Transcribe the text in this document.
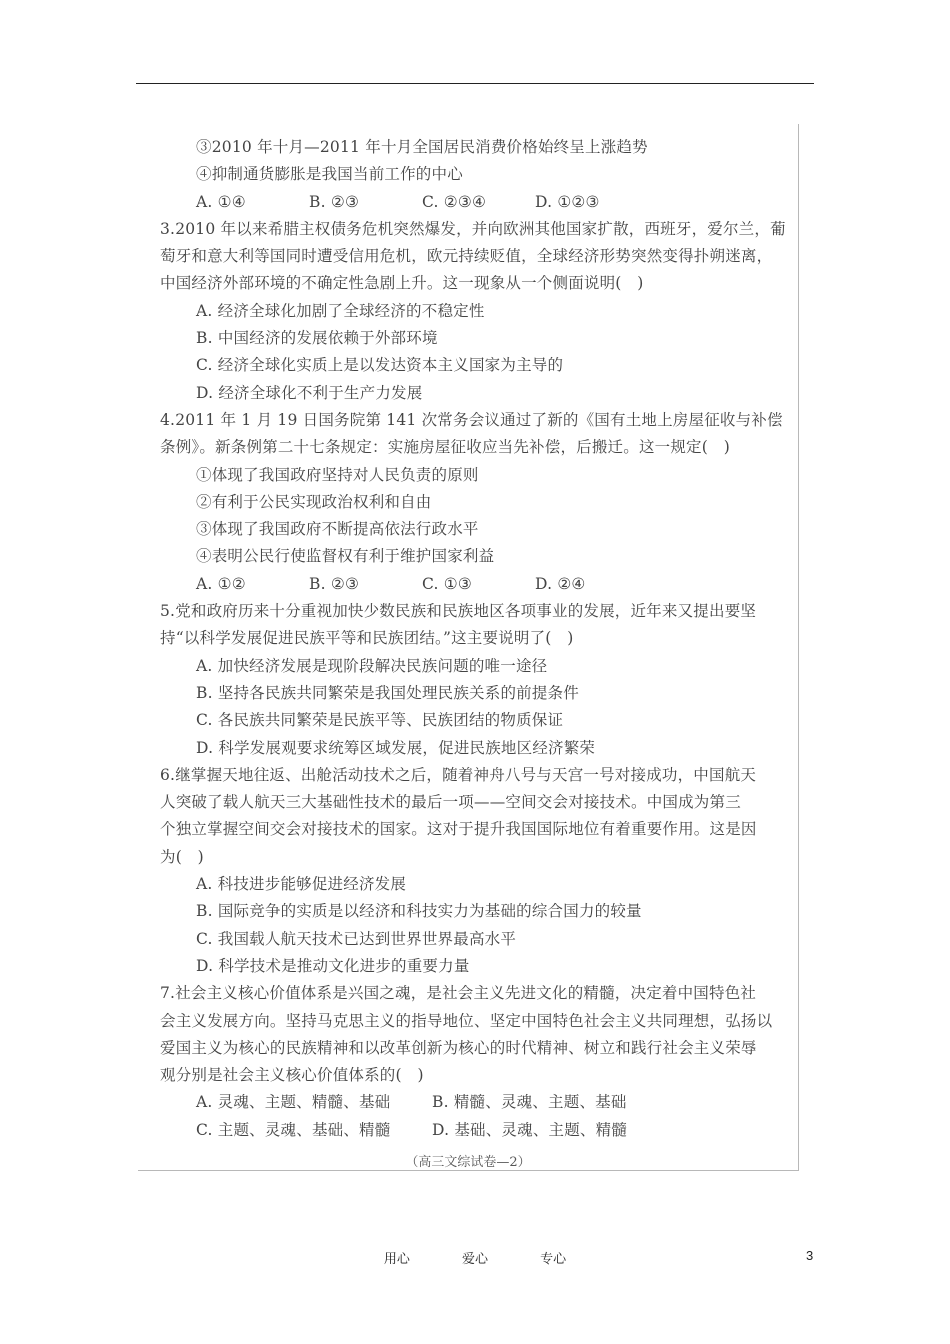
③2010 年十月—2011 年十月全国居民消费价格始终呈上涨趋势
④抑制通货膨胀是我国当前工作的中心
A. ①④	B. ②③	C. ②③④	D. ①②③
3.2010 年以来希腊主权债务危机突然爆发，并向欧洲其他国家扩散，西班牙，爱尔兰，葡
萄牙和意大利等国同时遭受信用危机，欧元持续贬值，全球经济形势突然变得扑朔迷离，
中国经济外部环境的不确定性急剧上升。这一现象从一个侧面说明(　)
A. 经济全球化加剧了全球经济的不稳定性
B. 中国经济的发展依赖于外部环境
C. 经济全球化实质上是以发达资本主义国家为主导的
D. 经济全球化不利于生产力发展
4.2011 年 1 月 19 日国务院第 141 次常务会议通过了新的《国有土地上房屋征收与补偿
条例》。新条例第二十七条规定：实施房屋征收应当先补偿，后搬迁。这一规定(　)
①体现了我国政府坚持对人民负责的原则
②有利于公民实现政治权利和自由
③体现了我国政府不断提高依法行政水平
④表明公民行使监督权有利于维护国家利益
A. ①②	B. ②③	C. ①③	D. ②④
5.党和政府历来十分重视加快少数民族和民族地区各项事业的发展，近年来又提出要坚
持“以科学发展促进民族平等和民族团结。”这主要说明了(　)
A. 加快经济发展是现阶段解决民族问题的唯一途径
B. 坚持各民族共同繁荣是我国处理民族关系的前提条件
C. 各民族共同繁荣是民族平等、民族团结的物质保证
D. 科学发展观要求统筹区域发展，促进民族地区经济繁荣
6.继掌握天地往返、出舱活动技术之后，随着神舟八号与天宫一号对接成功，中国航天
人突破了载人航天三大基础性技术的最后一项——空间交会对接技术。中国成为第三
个独立掌握空间交会对接技术的国家。这对于提升我国国际地位有着重要作用。这是因
为(　)
A. 科技进步能够促进经济发展
B. 国际竞争的实质是以经济和科技实力为基础的综合国力的较量
C. 我国载人航天技术已达到世界世界最高水平
D. 科学技术是推动文化进步的重要力量
7.社会主义核心价值体系是兴国之魂，是社会主义先进文化的精髓，决定着中国特色社
会主义发展方向。坚持马克思主义的指导地位、坚定中国特色社会主义共同理想，弘扬以
爱国主义为核心的民族精神和以改革创新为核心的时代精神、树立和践行社会主义荣辱
观分别是社会主义核心价值体系的(　)
A. 灵魂、主题、精髓、基础	B. 精髓、灵魂、主题、基础
C. 主题、灵魂、基础、精髓	D. 基础、灵魂、主题、精髓
（高三文综试卷—2）
用心	爱心	专心	3
